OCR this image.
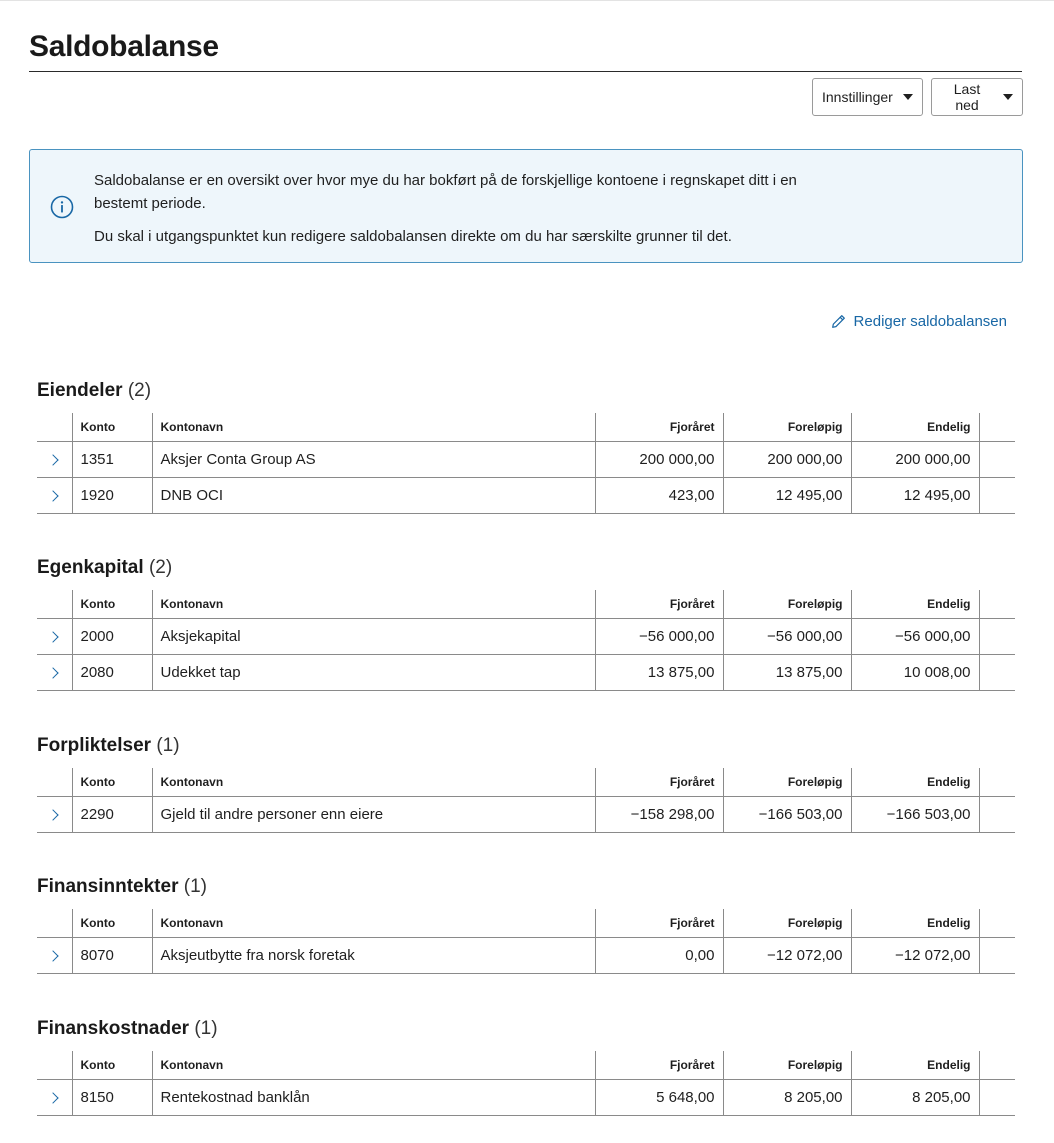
Saldobalanse
Innstillinger	Last ned

Saldobalanse er en oversikt over hvor mye du har bokført på de forskjellige kontoene i regnskapet ditt i en bestemt periode.

Du skal i utgangspunktet kun redigere saldobalansen direkte om du har særskilte grunner til det.

Rediger saldobalansen
Eiendeler (2)
	Konto	Kontonavn	Fjoråret	Foreløpig	Endelig	
	1351	Aksjer Conta Group AS	200 000,00	200 000,00	200 000,00	
	1920	DNB OCI	423,00	12 495,00	12 495,00	
Egenkapital (2)
	Konto	Kontonavn	Fjoråret	Foreløpig	Endelig	
	2000	Aksjekapital	−56 000,00	−56 000,00	−56 000,00	
	2080	Udekket tap	13 875,00	13 875,00	10 008,00	
Forpliktelser (1)
	Konto	Kontonavn	Fjoråret	Foreløpig	Endelig	
	2290	Gjeld til andre personer enn eiere	−158 298,00	−166 503,00	−166 503,00	
Finansinntekter (1)
	Konto	Kontonavn	Fjoråret	Foreløpig	Endelig	
	8070	Aksjeutbytte fra norsk foretak	0,00	−12 072,00	−12 072,00	
Finanskostnader (1)
	Konto	Kontonavn	Fjoråret	Foreløpig	Endelig	
	8150	Rentekostnad banklån	5 648,00	8 205,00	8 205,00	
